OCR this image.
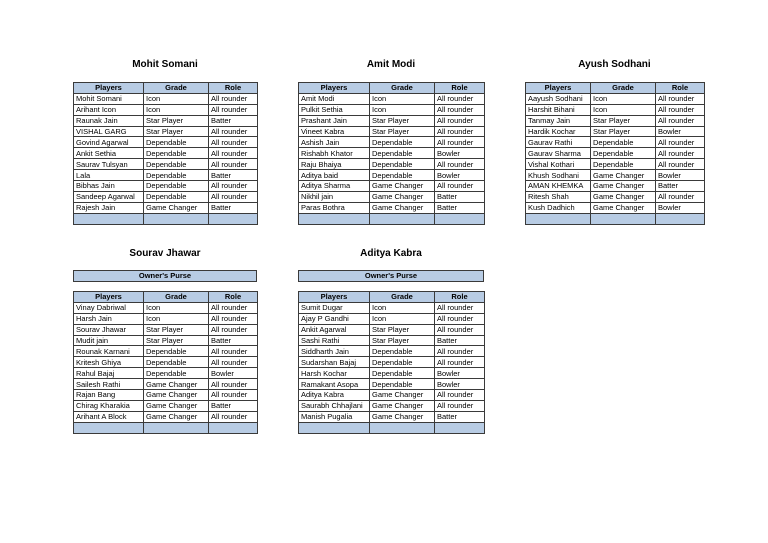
Mohit Somani
Players	Grade	Role
Mohit Somani	Icon	All rounder
Arihant Icon	Icon	All rounder
Raunak Jain	Star Player	Batter
VISHAL GARG	Star Player	All rounder
Govind Agarwal	Dependable	All rounder
Ankit Sethia	Dependable	All rounder
Saurav Tulsyan	Dependable	All rounder
Lala	Dependable	Batter
Bibhas Jain	Dependable	All rounder
Sandeep Agarwal	Dependable	All rounder
Rajesh Jain	Game Changer	Batter

Amit Modi
Players	Grade	Role
Amit Modi	Icon	All rounder
Pulkit Sethia	Icon	All rounder
Prashant Jain	Star Player	All rounder
Vineet Kabra	Star Player	All rounder
Ashish Jain	Dependable	All rounder
Rishabh Khator	Dependable	Bowler
Raju Bhaiya	Dependable	All rounder
Aditya baid	Dependable	Bowler
Aditya Sharma	Game Changer	All rounder
Nikhil jain	Game Changer	Batter
Paras Bothra	Game Changer	Batter

Ayush Sodhani
Players	Grade	Role
Aayush Sodhani	Icon	All rounder
Harshit Bihani	Icon	All rounder
Tanmay Jain	Star Player	All rounder
Hardik Kochar	Star Player	Bowler
Gaurav Rathi	Dependable	All rounder
Gaurav Sharma	Dependable	All rounder
Vishal Kothari	Dependable	All rounder
Khush Sodhani	Game Changer	Bowler
AMAN KHEMKA	Game Changer	Batter
Ritesh Shah	Game Changer	All rounder
Kush Dadhich	Game Changer	Bowler

Sourav Jhawar
Owner's Purse
Players	Grade	Role
Vinay Dabriwal	Icon	All rounder
Harsh Jain	Icon	All rounder
Sourav Jhawar	Star Player	All rounder
Mudit jain	Star Player	Batter
Rounak Karnani	Dependable	All rounder
Kritesh Ghiya	Dependable	All rounder
Rahul Bajaj	Dependable	Bowler
Sailesh Rathi	Game Changer	All rounder
Rajan Bang	Game Changer	All rounder
Chirag Kharakia	Game Changer	Batter
Arihant A Block	Game Changer	All rounder

Aditya Kabra
Owner's Purse
Players	Grade	Role
Sumit Dugar	Icon	All rounder
Ajay P Gandhi	Icon	All rounder
Ankit Agarwal	Star Player	All rounder
Sashi Rathi	Star Player	Batter
Siddharth Jain	Dependable	All rounder
Sudarshan Bajaj	Dependable	All rounder
Harsh Kochar	Dependable	Bowler
Ramakant Asopa	Dependable	Bowler
Aditya Kabra	Game Changer	All rounder
Saurabh Chhajlani	Game Changer	All rounder
Manish Pugalia	Game Changer	Batter
